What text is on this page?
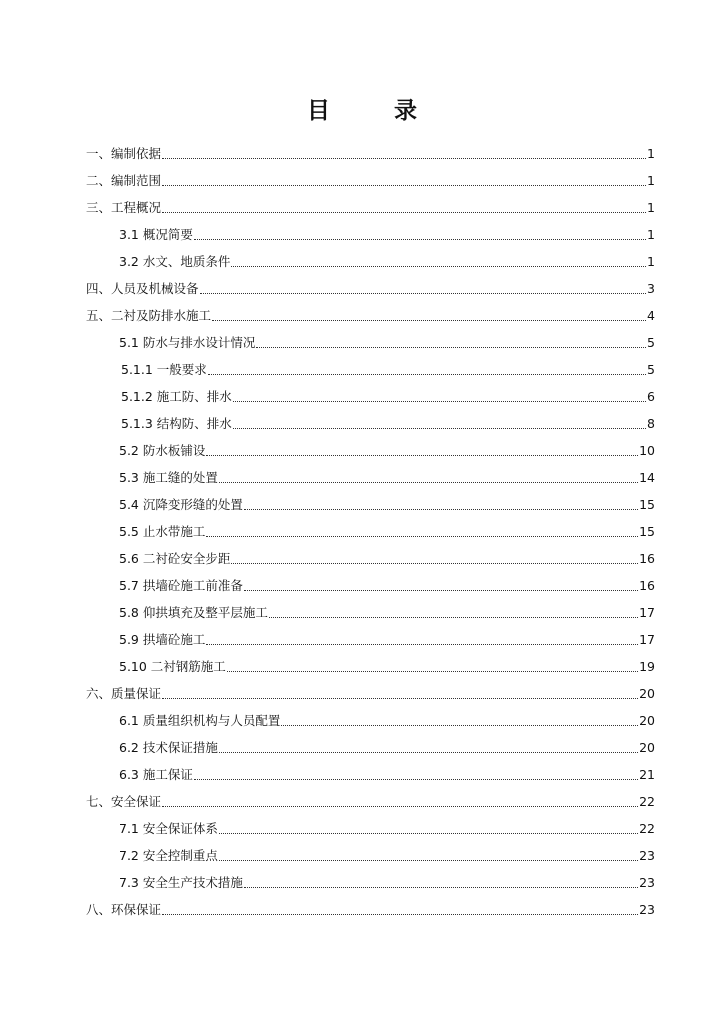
目 录
一、编制依据	1
二、编制范围	1
三、工程概况	1
3.1 概况简要	1
3.2 水文、地质条件	1
四、人员及机械设备	3
五、二衬及防排水施工	4
5.1 防水与排水设计情况	5
5.1.1 一般要求	5
5.1.2 施工防、排水	6
5.1.3 结构防、排水	8
5.2 防水板铺设	10
5.3 施工缝的处置	14
5.4 沉降变形缝的处置	15
5.5 止水带施工	15
5.6 二衬砼安全步距	16
5.7 拱墙砼施工前准备	16
5.8 仰拱填充及整平层施工	17
5.9 拱墙砼施工	17
5.10 二衬钢筋施工	19
六、质量保证	20
6.1 质量组织机构与人员配置	20
6.2 技术保证措施	20
6.3 施工保证	21
七、安全保证	22
7.1 安全保证体系	22
7.2 安全控制重点	23
7.3 安全生产技术措施	23
八、环保保证	23
